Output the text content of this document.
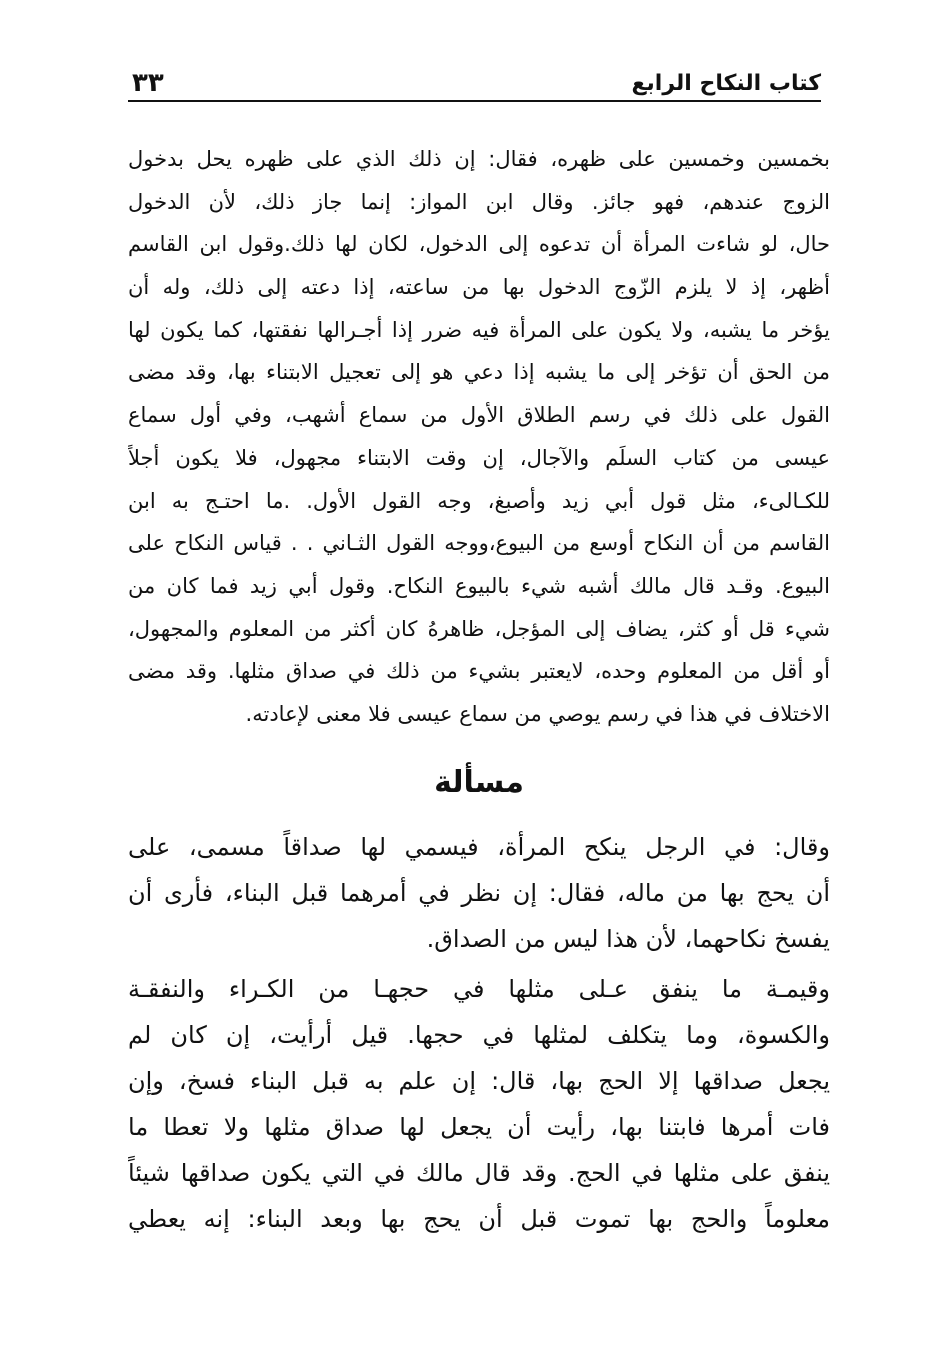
كتاب النكاح الرابع
٣٣
بخمسين وخمسين على ظهره، فقال: إن ذلك الذي على ظهره يحل بدخول
الزوج عندهم، فهو جائز. وقال ابن المواز: إنما جاز ذلك، لأن الدخول
حال، لو شاءت المرأة أن تدعوه إلى الدخول، لكان لها ذلك.وقول ابن القاسم
أظهر، إذ لا يلزم الزّوج الدخول بها من ساعته، إذا دعته إلى ذلك، وله أن
يؤخر ما يشبه، ولا يكون على المرأة فيه ضرر إذا أجـرالها نفقتها، كما يكون لها
من الحق أن تؤخر إلى ما يشبه إذا دعي هو إلى تعجيل الابتناء بها، وقد مضى
القول على ذلك في رسم الطلاق الأول من سماع أشهب، وفي أول سماع
عيسى من كتاب السلَم والآجال، إن وقت الابتناء مجهول، فلا يكون أجلاً
للكـالىء، مثل قول أبي زيد وأصبغ، وجه القول الأول. .ما احتـج به ابن
القاسم من أن النكاح أوسع من البيوع،ووجه القول الثـاني . . قياس النكاح على
البيوع. وقـد قال مالك أشبه شيء بالبيوع النكاح. وقول أبي زيد فما كان من
شيء قل أو كثر، يضاف إلى المؤجل، ظاهرهُ كان أكثر من المعلوم والمجهول،
أو أقل من المعلوم وحده، لايعتبر بشيء من ذلك في صداق مثلها. وقد مضى
الاختلاف في هذا في رسم يوصي من سماع عيسى فلا معنى لإعادته.
مسألة
وقال: في الرجل ينكح المرأة، فيسمي لها صداقاً مسمى، على
أن يحج بها من ماله، فقال: إن نظر في أمرهما قبل البناء، فأرى أن
يفسخ نكاحهما، لأن هذا ليس من الصداق.
وقيمـة ما ينفق عـلى مثلها في حجهـا من الكـراء والنفقـة
والكسوة، وما يتكلف لمثلها في حجها. قيل أرأيت، إن كان لم
يجعل صداقها إلا الحج بها، قال: إن علم به قبل البناء فسخ، وإن
فات أمرها فابتنا بها، رأيت أن يجعل لها صداق مثلها ولا تعطا ما
ينفق على مثلها في الحج. وقد قال مالك في التي يكون صداقها شيئاً
معلوماً والحج بها تموت قبل أن يحج بها وبعد البناء: إنه يعطي
